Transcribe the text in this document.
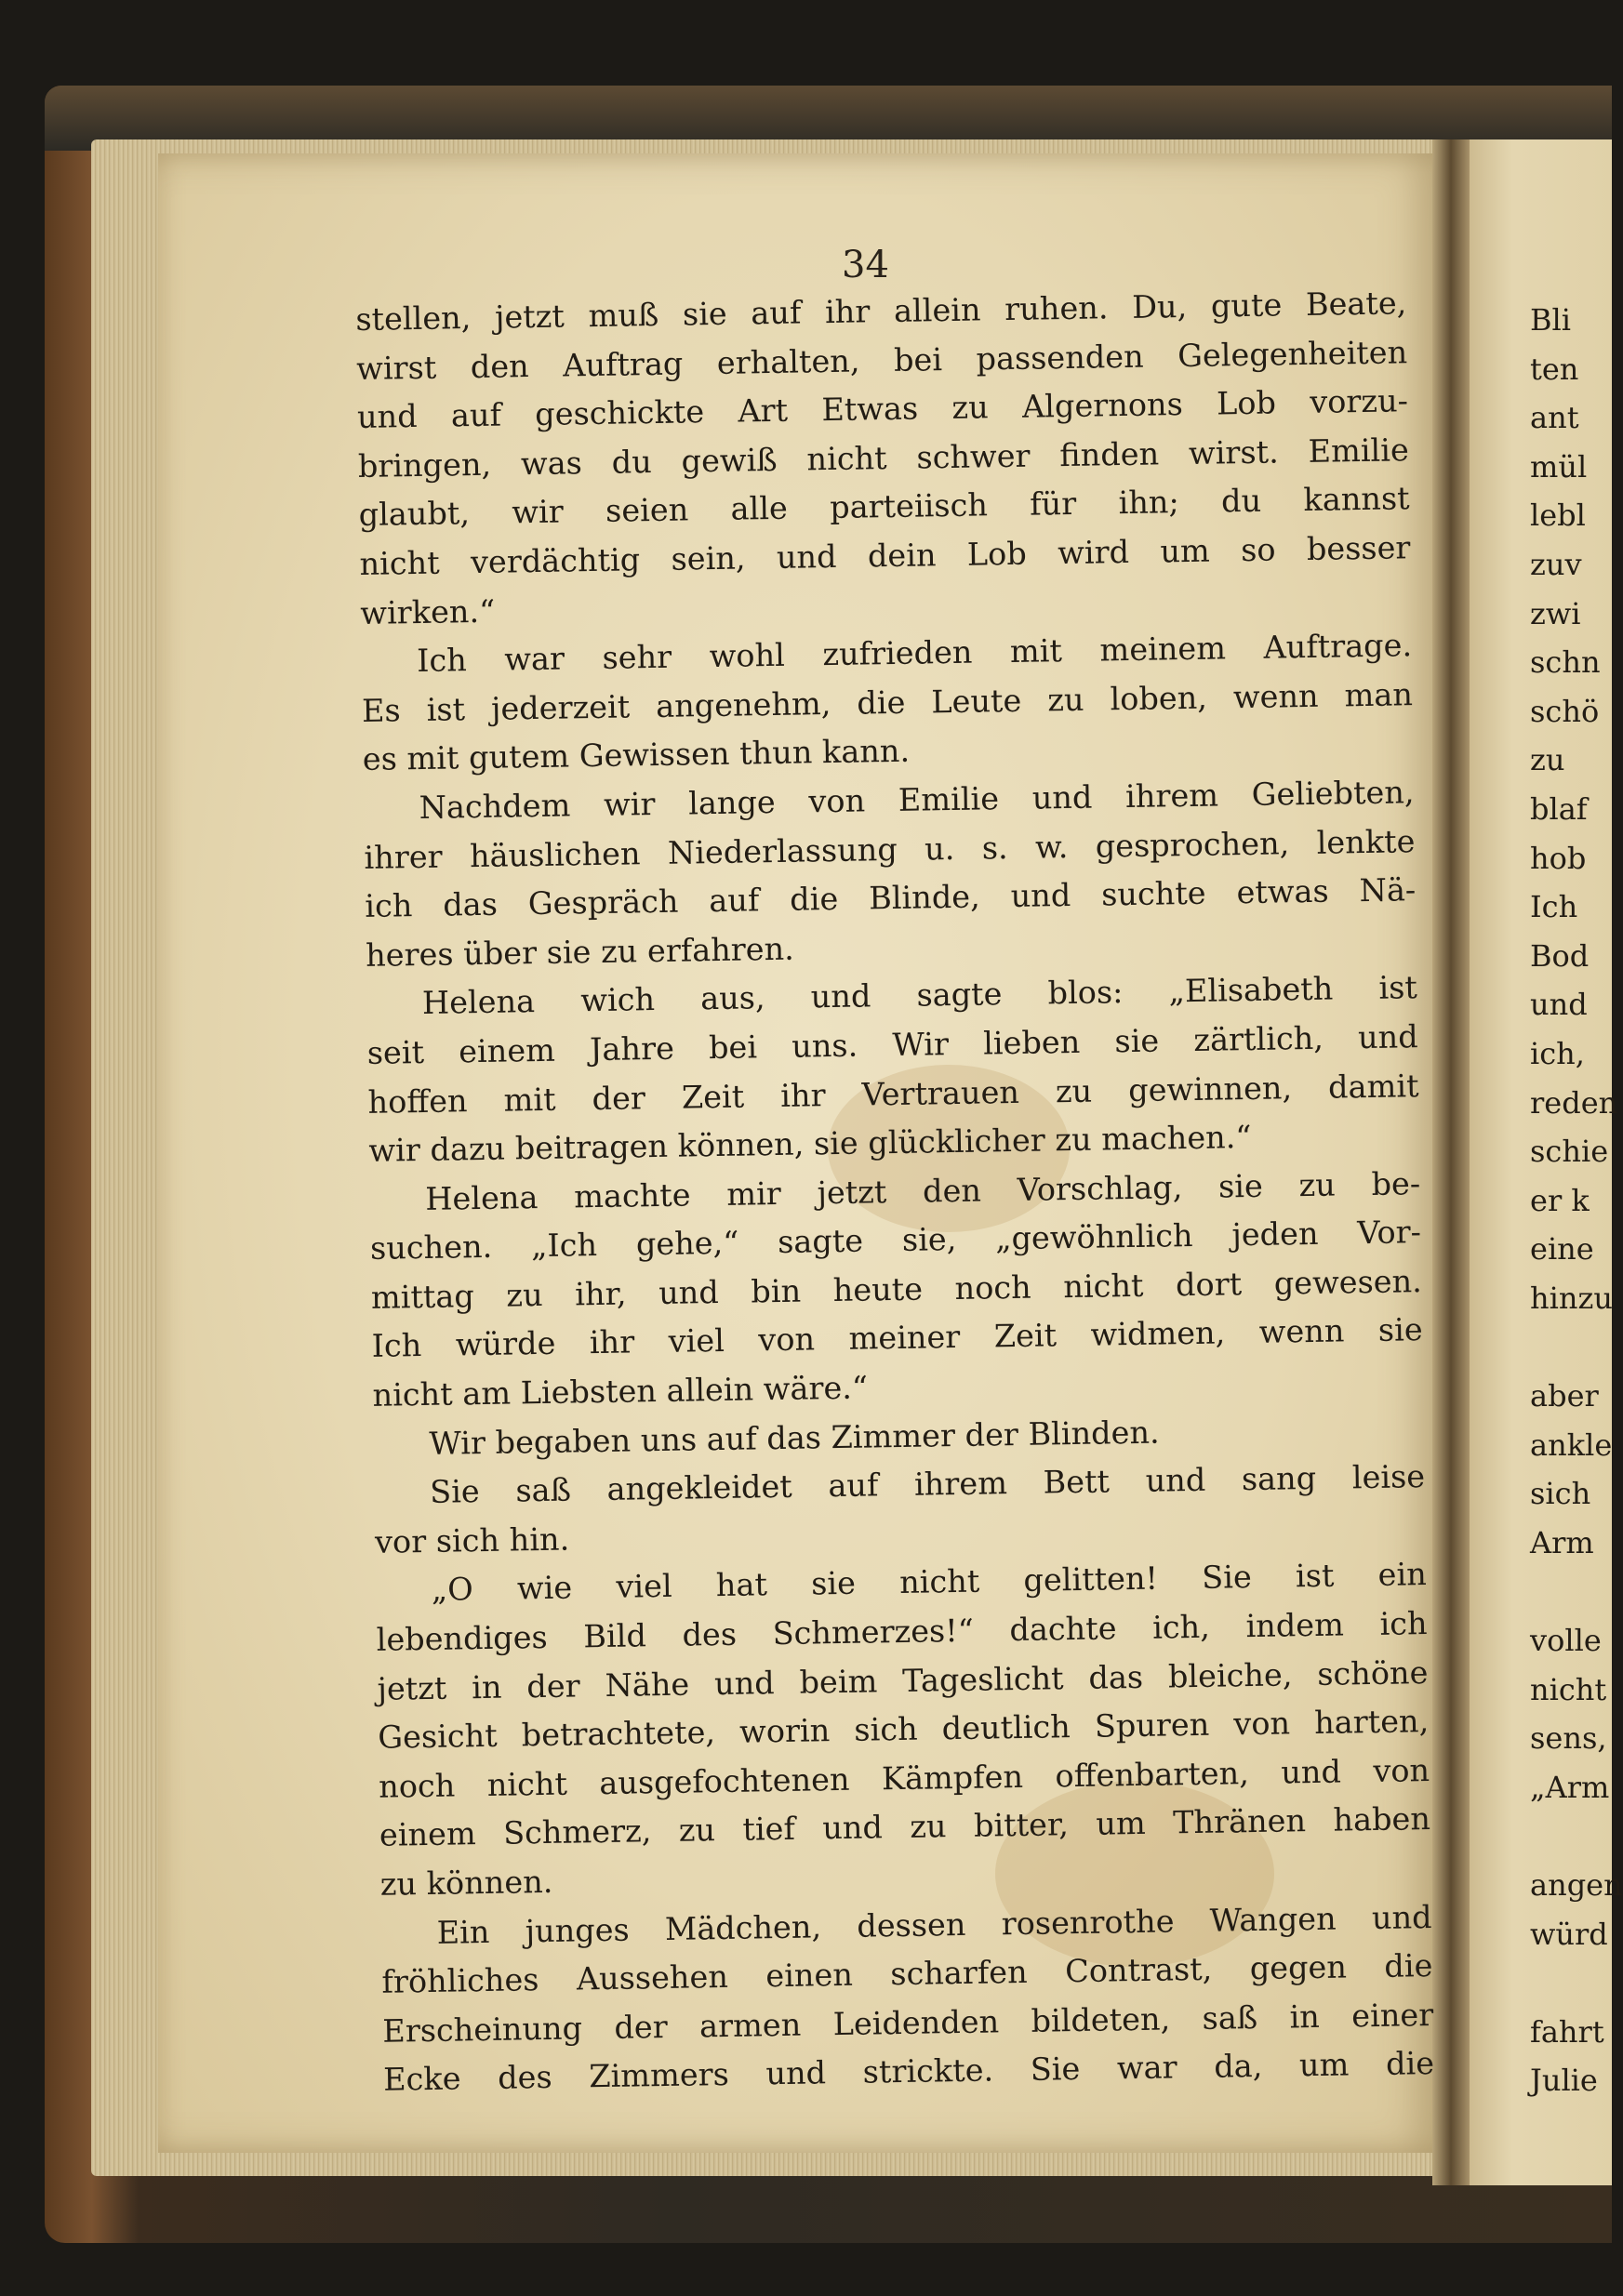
34
stellen, jetzt muß sie auf ihr allein ruhen. Du, gute Beate,
wirst den Auftrag erhalten, bei passenden Gelegenheiten
und auf geschickte Art Etwas zu Algernons Lob vorzu-
bringen, was du gewiß nicht schwer finden wirst. Emilie
glaubt, wir seien alle parteiisch für ihn; du kannst
nicht verdächtig sein, und dein Lob wird um so besser
wirken.“
Ich war sehr wohl zufrieden mit meinem Auftrage.
Es ist jederzeit angenehm, die Leute zu loben, wenn man
es mit gutem Gewissen thun kann.
Nachdem wir lange von Emilie und ihrem Geliebten,
ihrer häuslichen Niederlassung u. s. w. gesprochen, lenkte
ich das Gespräch auf die Blinde, und suchte etwas Nä-
heres über sie zu erfahren.
Helena wich aus, und sagte blos: „Elisabeth ist
seit einem Jahre bei uns. Wir lieben sie zärtlich, und
hoffen mit der Zeit ihr Vertrauen zu gewinnen, damit
wir dazu beitragen können, sie glücklicher zu machen.“
Helena machte mir jetzt den Vorschlag, sie zu be-
suchen. „Ich gehe,“ sagte sie, „gewöhnlich jeden Vor-
mittag zu ihr, und bin heute noch nicht dort gewesen.
Ich würde ihr viel von meiner Zeit widmen, wenn sie
nicht am Liebsten allein wäre.“
Wir begaben uns auf das Zimmer der Blinden.
Sie saß angekleidet auf ihrem Bett und sang leise
vor sich hin.
„O wie viel hat sie nicht gelitten! Sie ist ein
lebendiges Bild des Schmerzes!“ dachte ich, indem ich
jetzt in der Nähe und beim Tageslicht das bleiche, schöne
Gesicht betrachtete, worin sich deutlich Spuren von harten,
noch nicht ausgefochtenen Kämpfen offenbarten, und von
einem Schmerz, zu tief und zu bitter, um Thränen haben
zu können.
Ein junges Mädchen, dessen rosenrothe Wangen und
fröhliches Aussehen einen scharfen Contrast, gegen die
Erscheinung der armen Leidenden bildeten, saß in einer
Ecke des Zimmers und strickte. Sie war da, um die
Bli
ten
ant
mül
lebl
zuv
zwi
schn
schö
zu
blaf
hob
Ich
Bod
und
ich,
reden
schie
er k
eine
hinzu
aber
ankle
sich
Arm
volle
nicht
sens,
„Arm
angen
würd
fahrt
Julie
